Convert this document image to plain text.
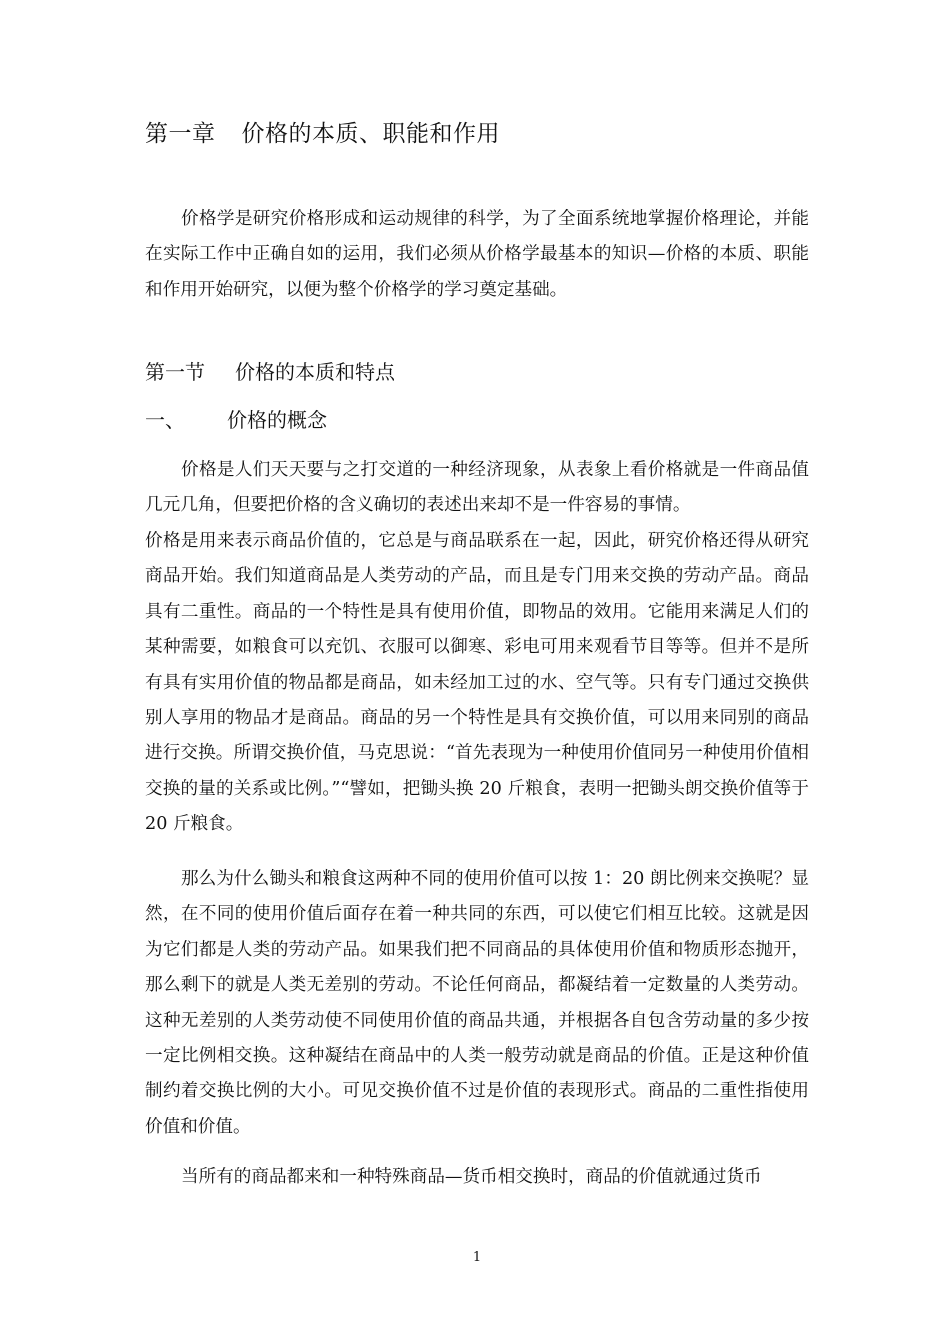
第一章 价格的本质、职能和作用

价格学是研究价格形成和运动规律的科学，为了全面系统地掌握价格理论，并能在实际工作中正确自如的运用，我们必须从价格学最基本的知识—价格的本质、职能和作用开始研究，以便为整个价格学的学习奠定基础。

第一节 价格的本质和特点
一、 价格的概念

价格是人们天天要与之打交道的一种经济现象，从表象上看价格就是一件商品值几元几角，但要把价格的含义确切的表述出来却不是一件容易的事情。

价格是用来表示商品价值的，它总是与商品联系在一起，因此，研究价格还得从研究商品开始。我们知道商品是人类劳动的产品，而且是专门用来交换的劳动产品。商品具有二重性。商品的一个特性是具有使用价值，即物品的效用。它能用来满足人们的某种需要，如粮食可以充饥、衣服可以御寒、彩电可用来观看节目等等。但并不是所有具有实用价值的物品都是商品，如未经加工过的水、空气等。只有专门通过交换供别人享用的物品才是商品。商品的另一个特性是具有交换价值，可以用来同别的商品进行交换。所谓交换价值，马克思说：“首先表现为一种使用价值同另一种使用价值相交换的量的关系或比例。”“譬如，把锄头换 20 斤粮食，表明一把锄头朗交换价值等于 20 斤粮食。

那么为什么锄头和粮食这两种不同的使用价值可以按 1：20 朗比例来交换呢？显然，在不同的使用价值后面存在着一种共同的东西，可以使它们相互比较。这就是因为它们都是人类的劳动产品。如果我们把不同商品的具体使用价值和物质形态抛开，那么剩下的就是人类无差别的劳动。不论任何商品，都凝结着一定数量的人类劳动。这种无差别的人类劳动使不同使用价值的商品共通，并根据各自包含劳动量的多少按一定比例相交换。这种凝结在商品中的人类一般劳动就是商品的价值。正是这种价值制约着交换比例的大小。可见交换价值不过是价值的表现形式。商品的二重性指使用价值和价值。

当所有的商品都来和一种特殊商品—货币相交换时，商品的价值就通过货币

1
